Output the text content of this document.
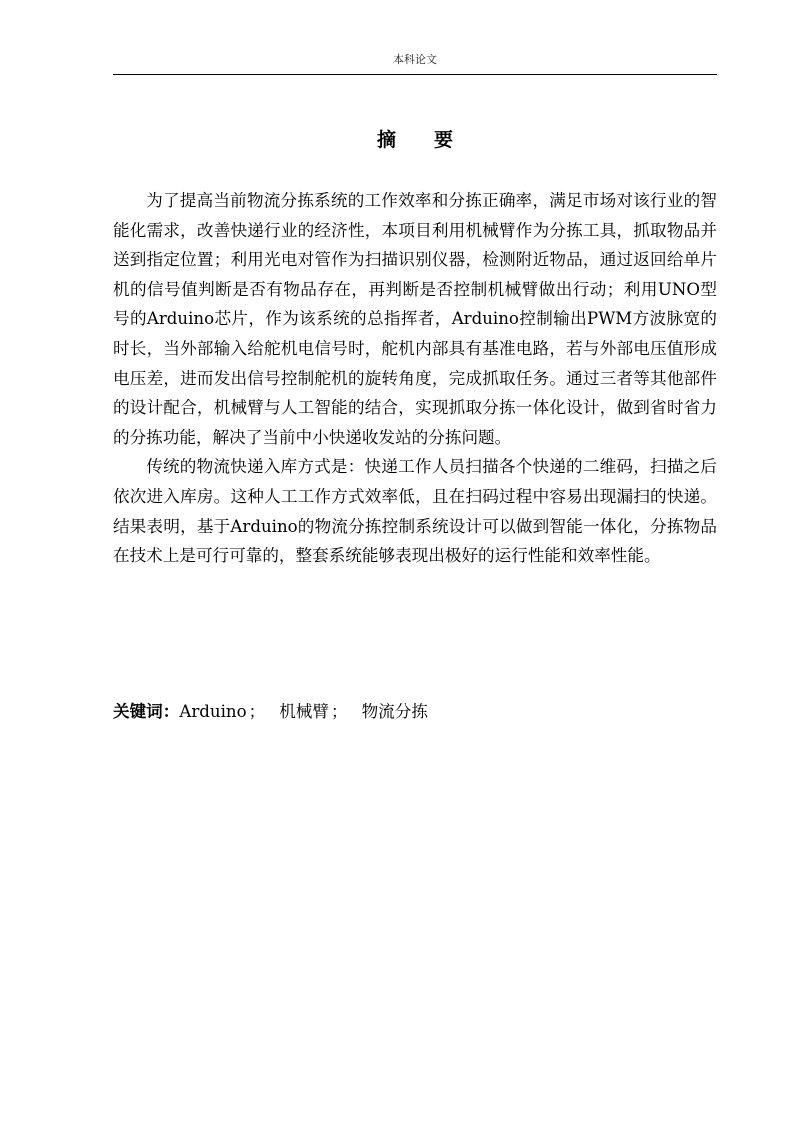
本科论文
摘要

为了提高当前物流分拣系统的工作效率和分拣正确率，满足市场对该行业的智能化需求，改善快递行业的经济性，本项目利用机械臂作为分拣工具，抓取物品并送到指定位置；利用光电对管作为扫描识别仪器，检测附近物品，通过返回给单片机的信号值判断是否有物品存在，再判断是否控制机械臂做出行动；利用UNO型号的Arduino芯片，作为该系统的总指挥者，Arduino控制输出PWM方波脉宽的时长，当外部输入给舵机电信号时，舵机内部具有基准电路，若与外部电压值形成电压差，进而发出信号控制舵机的旋转角度，完成抓取任务。通过三者等其他部件的设计配合，机械臂与人工智能的结合，实现抓取分拣一体化设计，做到省时省力的分拣功能，解决了当前中小快递收发站的分拣问题。

传统的物流快递入库方式是：快递工作人员扫描各个快递的二维码，扫描之后依次进入库房。这种人工工作方式效率低，且在扫码过程中容易出现漏扫的快递。结果表明，基于Arduino的物流分拣控制系统设计可以做到智能一体化，分拣物品在技术上是可行可靠的，整套系统能够表现出极好的运行性能和效率性能。

关键词：Arduino ； 机械臂 ； 物流分拣
